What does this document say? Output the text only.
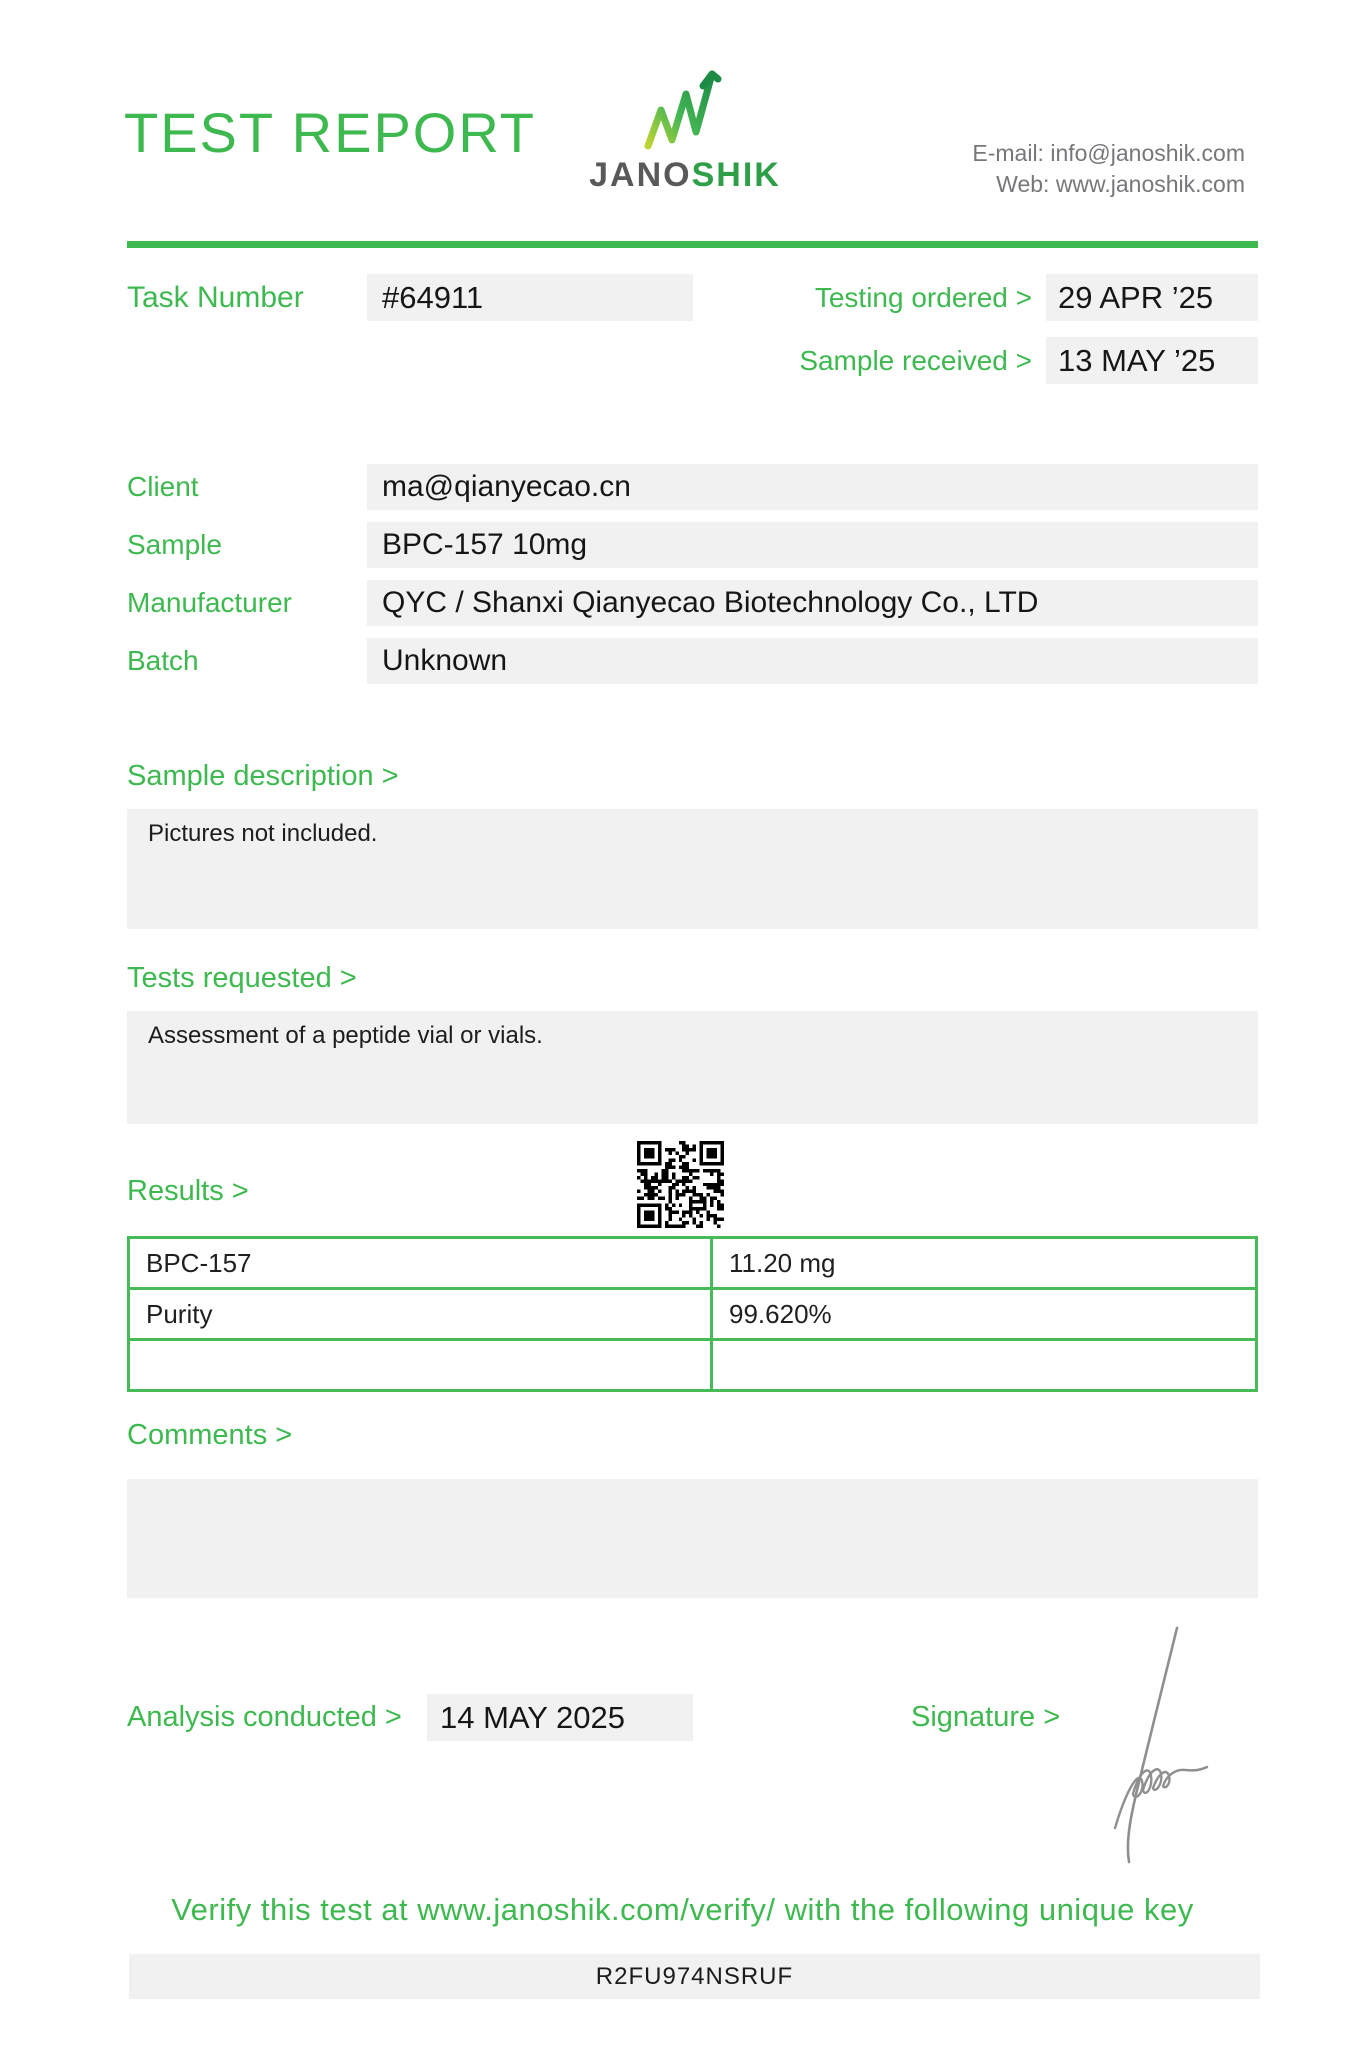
TEST REPORT
JANOSHIK
E-mail: info@janoshik.com
Web: www.janoshik.com
Task Number	#64911	Testing ordered > 29 APR ’25
Sample received > 13 MAY ’25
Client	ma@qianyecao.cn
Sample	BPC-157 10mg
Manufacturer	QYC / Shanxi Qianyecao Biotechnology Co., LTD
Batch	Unknown
Sample description >
Pictures not included.
Tests requested >
Assessment of a peptide vial or vials.
Results >
BPC-157	11.20 mg
Purity	99.620%

Comments >
Analysis conducted >	14 MAY 2025	Signature >
Verify this test at www.janoshik.com/verify/ with the following unique key
R2FU974NSRUF
